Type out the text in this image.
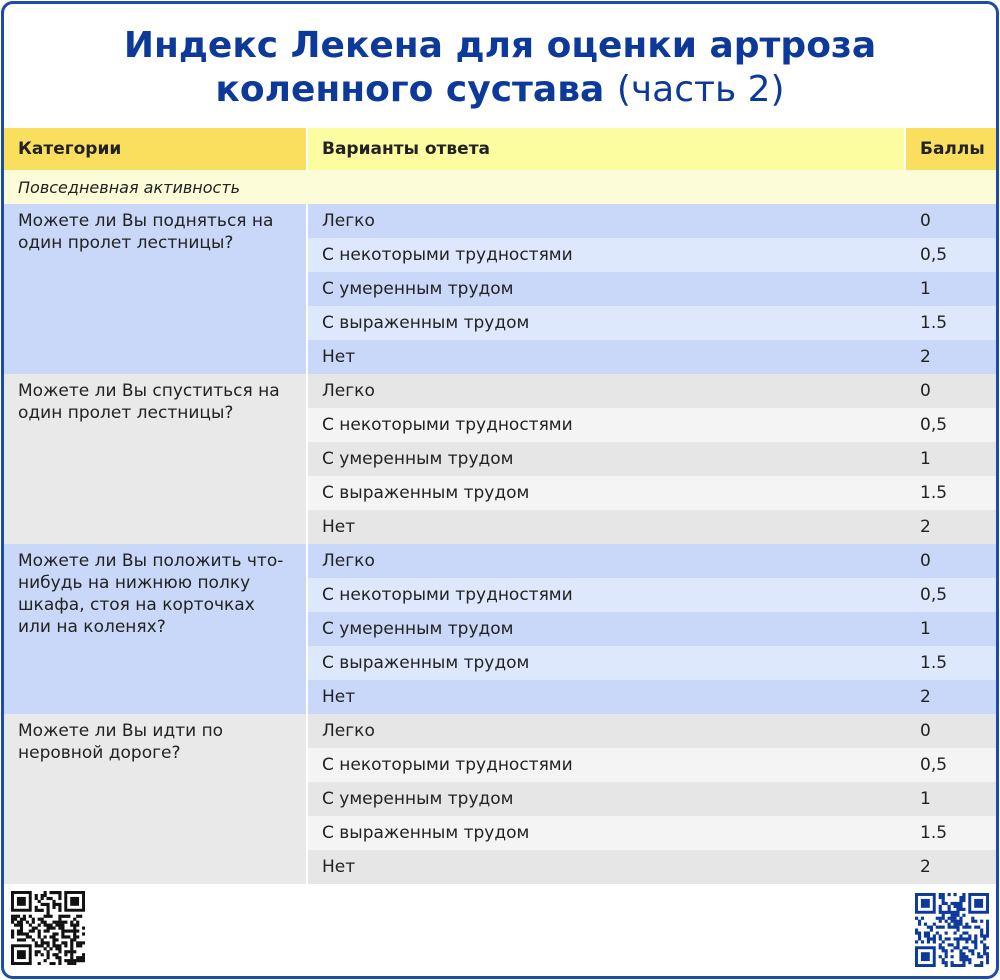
Индекс Лекена для оценки артроза
коленного сустава (часть 2)
Категории	Варианты ответа	Баллы
Повседневная активность
Можете ли Вы подняться на один пролет лестницы?
Легко	0
С некоторыми трудностями	0,5
С умеренным трудом	1
С выраженным трудом	1.5
Нет	2
Можете ли Вы спуститься на один пролет лестницы?
Легко	0
С некоторыми трудностями	0,5
С умеренным трудом	1
С выраженным трудом	1.5
Нет	2
Можете ли Вы положить что-нибудь на нижнюю полку шкафа, стоя на корточках или на коленях?
Легко	0
С некоторыми трудностями	0,5
С умеренным трудом	1
С выраженным трудом	1.5
Нет	2
Можете ли Вы идти по неровной дороге?
Легко	0
С некоторыми трудностями	0,5
С умеренным трудом	1
С выраженным трудом	1.5
Нет	2
